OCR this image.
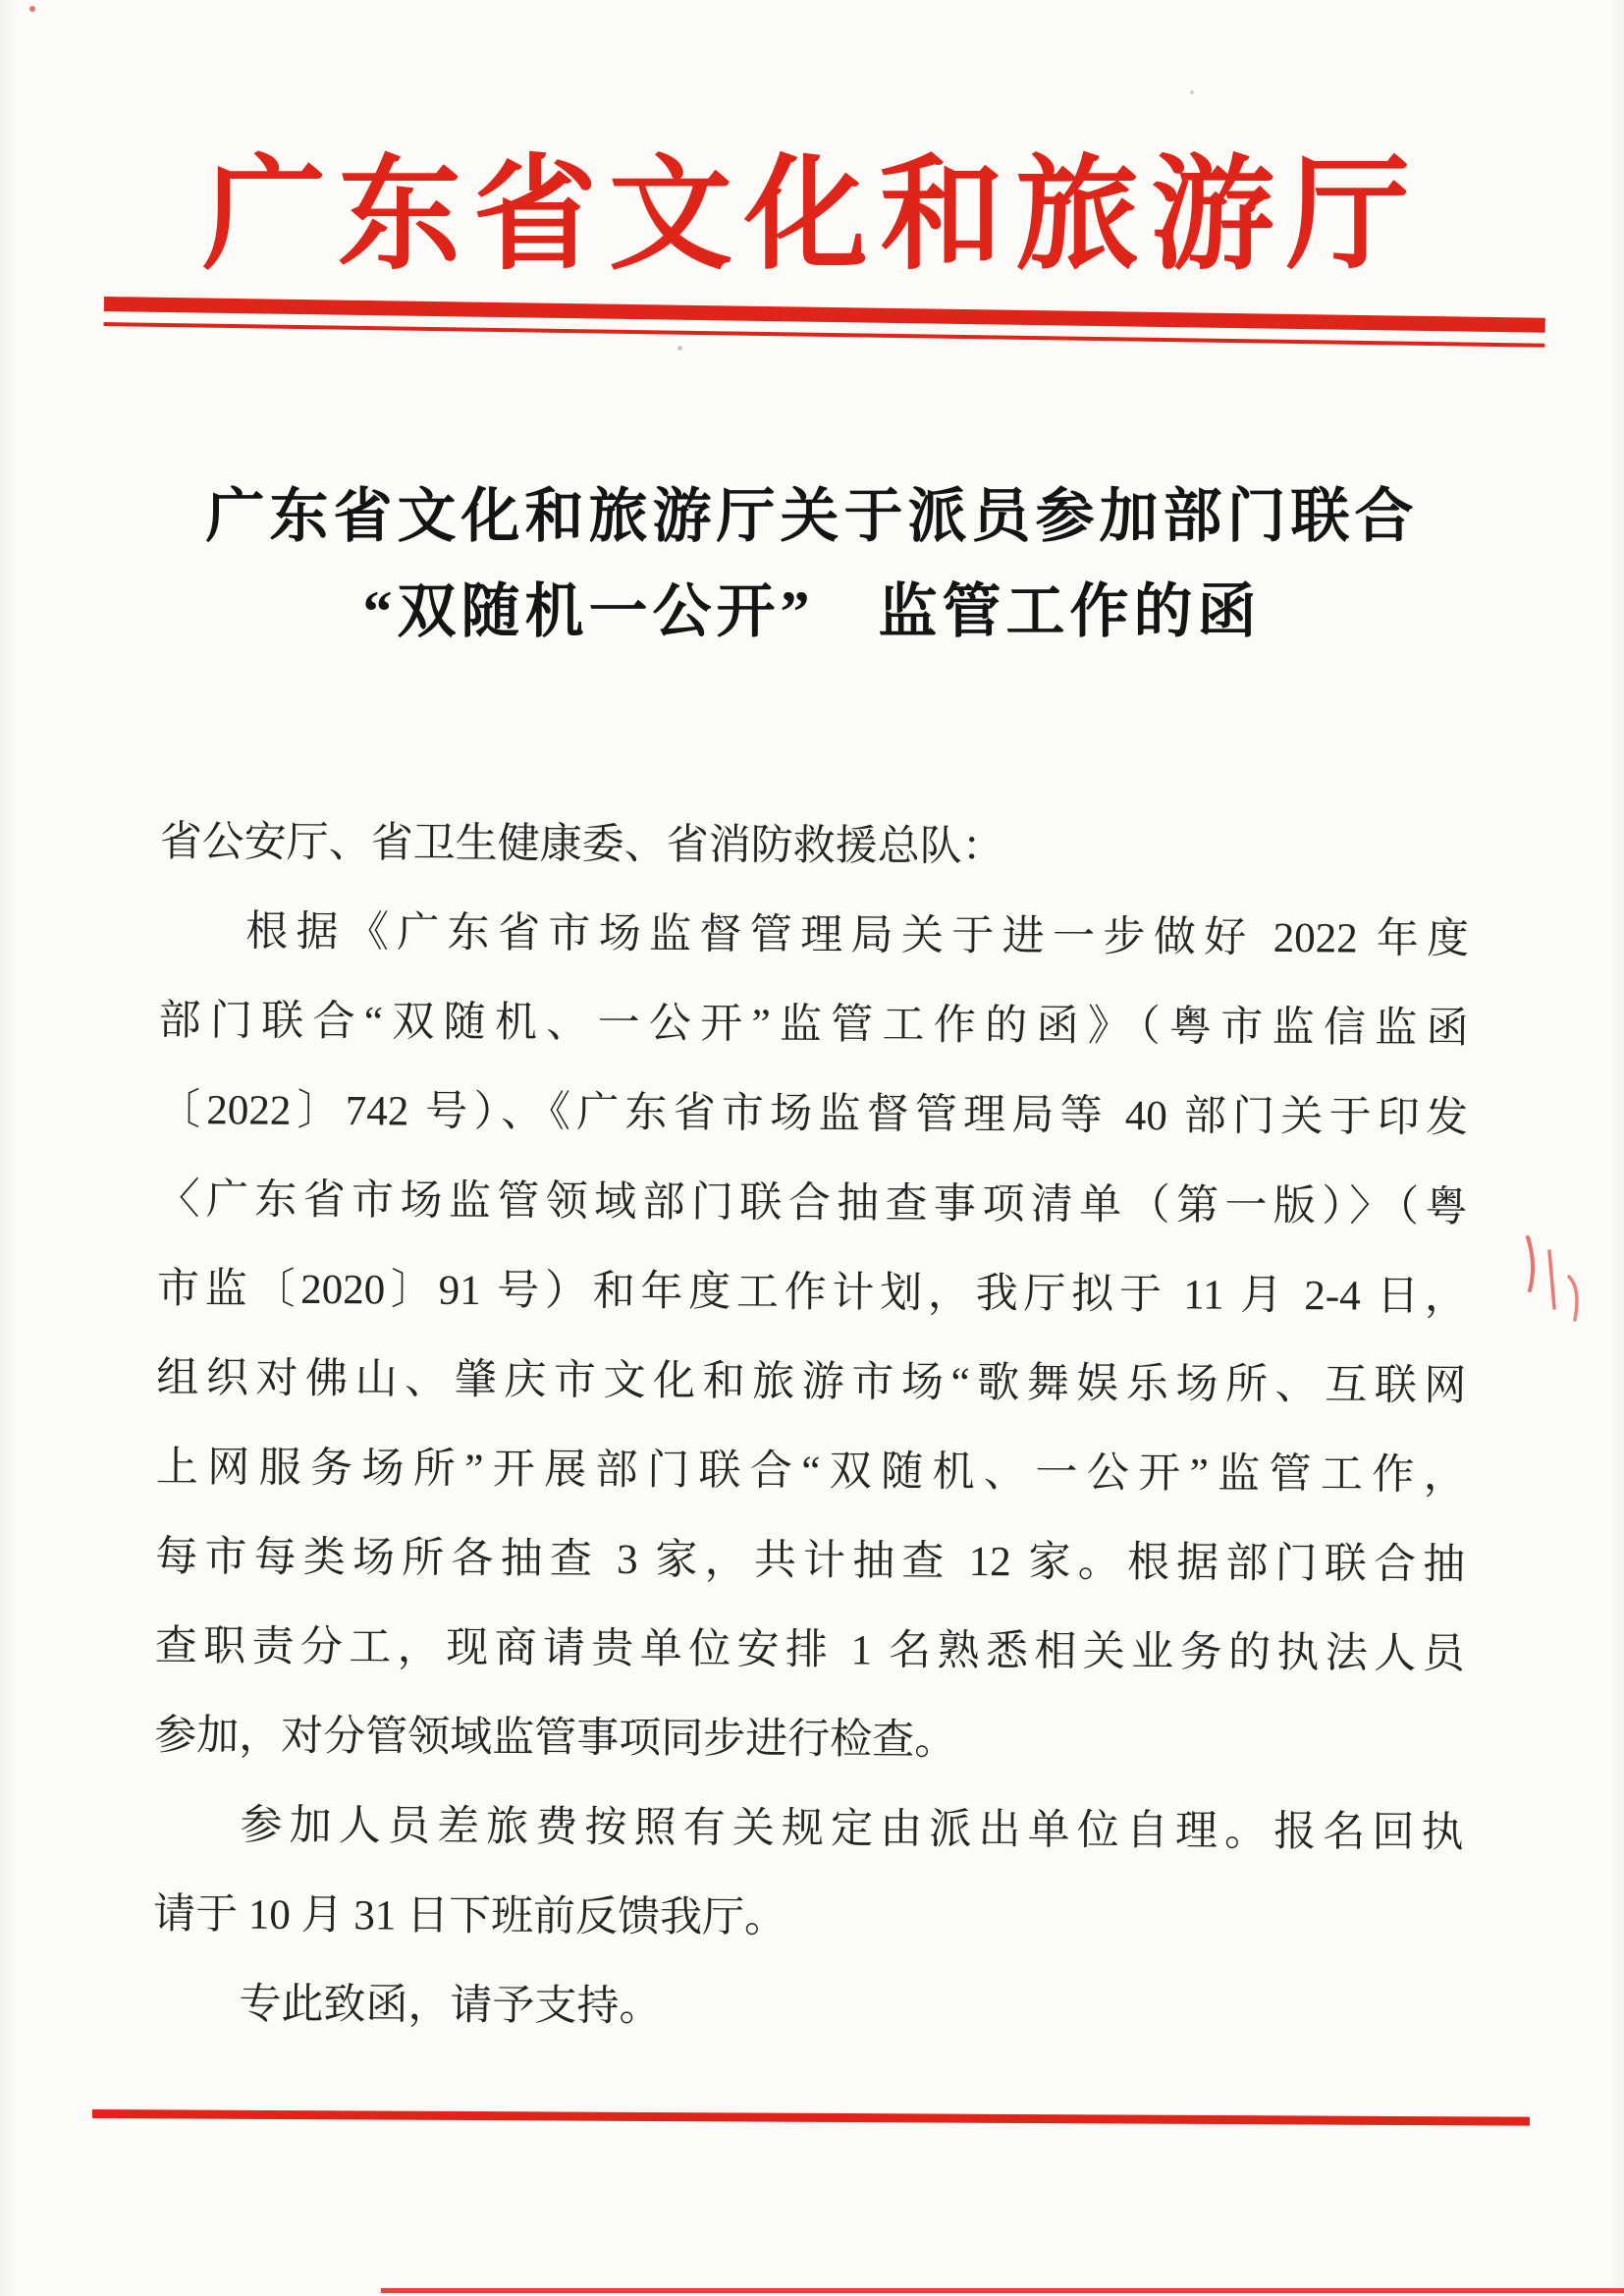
广东省文化和旅游厅
广东省文化和旅游厅关于派员参加部门联合
“双随机一公开”　监管工作的函
省公安厅、省卫生健康委、省消防救援总队：
根据《广东省市场监督管理局关于进一步做好 2022 年度
部门联合“双随机、一公开”监管工作的函》（粤市监信监函
〔2022〕742 号）、《广东省市场监督管理局等 40 部门关于印发
〈广东省市场监管领域部门联合抽查事项清单（第一版）〉（粤
市监〔2020〕91 号）和年度工作计划，我厅拟于 11 月 2-4 日，
组织对佛山、肇庆市文化和旅游市场“歌舞娱乐场所、互联网
上网服务场所”开展部门联合“双随机、一公开”监管工作，
每市每类场所各抽查 3 家，共计抽查 12 家。根据部门联合抽
查职责分工，现商请贵单位安排 1 名熟悉相关业务的执法人员
参加，对分管领域监管事项同步进行检查。
参加人员差旅费按照有关规定由派出单位自理。报名回执
请于 10 月 31 日下班前反馈我厅。
专此致函，请予支持。
